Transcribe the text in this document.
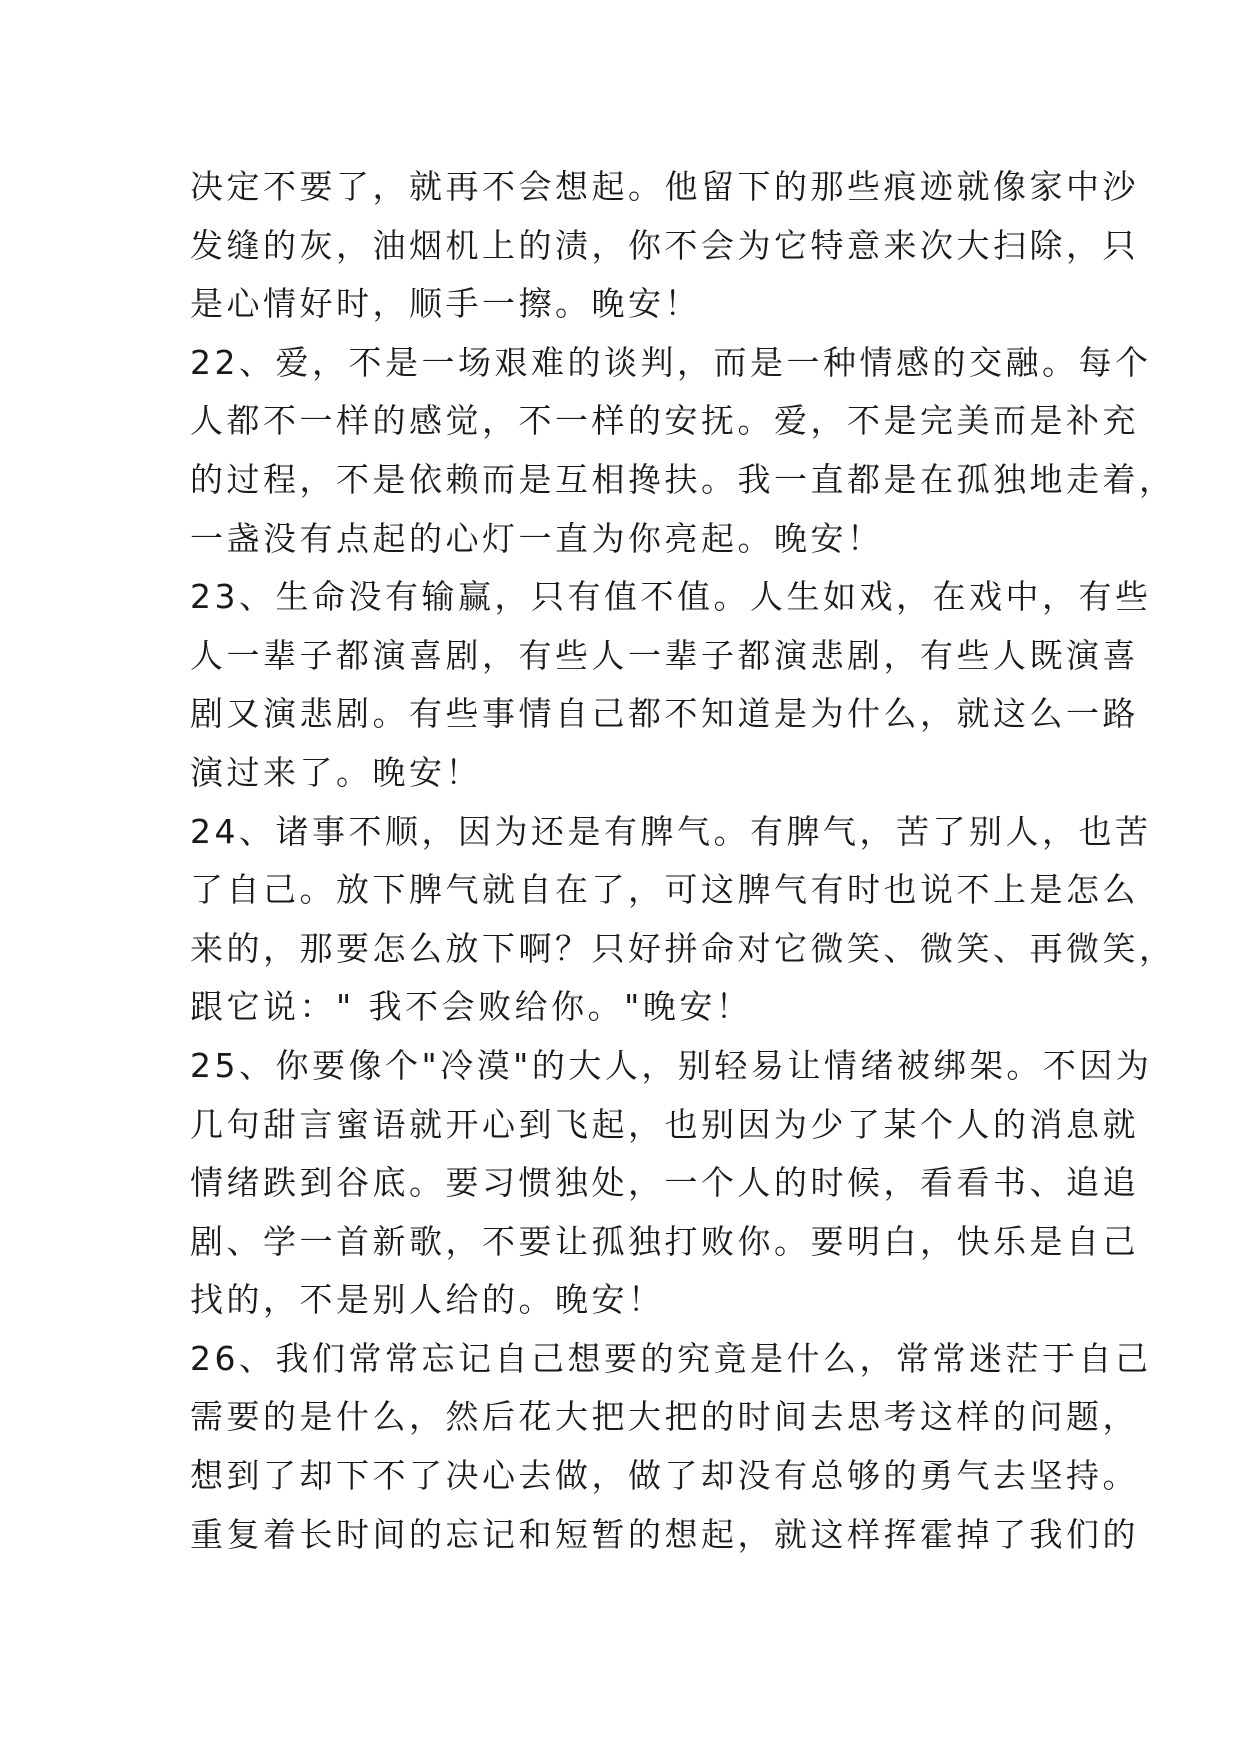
决定不要了，就再不会想起。他留下的那些痕迹就像家中沙
发缝的灰，油烟机上的渍，你不会为它特意来次大扫除，只
是心情好时，顺手一擦。晚安！
22、爱，不是一场艰难的谈判，而是一种情感的交融。每个
人都不一样的感觉，不一样的安抚。爱，不是完美而是补充
的过程，不是依赖而是互相搀扶。我一直都是在孤独地走着，
一盏没有点起的心灯一直为你亮起。晚安！
23、生命没有输赢，只有值不值。人生如戏，在戏中，有些
人一辈子都演喜剧，有些人一辈子都演悲剧，有些人既演喜
剧又演悲剧。有些事情自己都不知道是为什么，就这么一路
演过来了。晚安！
24、诸事不顺，因为还是有脾气。有脾气，苦了别人，也苦
了自己。放下脾气就自在了，可这脾气有时也说不上是怎么
来的，那要怎么放下啊？只好拼命对它微笑、微笑、再微笑，
跟它说：" 我不会败给你。"晚安！
25、你要像个"冷漠"的大人，别轻易让情绪被绑架。不因为
几句甜言蜜语就开心到飞起，也别因为少了某个人的消息就
情绪跌到谷底。要习惯独处，一个人的时候，看看书、追追
剧、学一首新歌，不要让孤独打败你。要明白，快乐是自己
找的，不是别人给的。晚安！
26、我们常常忘记自己想要的究竟是什么，常常迷茫于自己
需要的是什么，然后花大把大把的时间去思考这样的问题，
想到了却下不了决心去做，做了却没有总够的勇气去坚持。
重复着长时间的忘记和短暂的想起，就这样挥霍掉了我们的
